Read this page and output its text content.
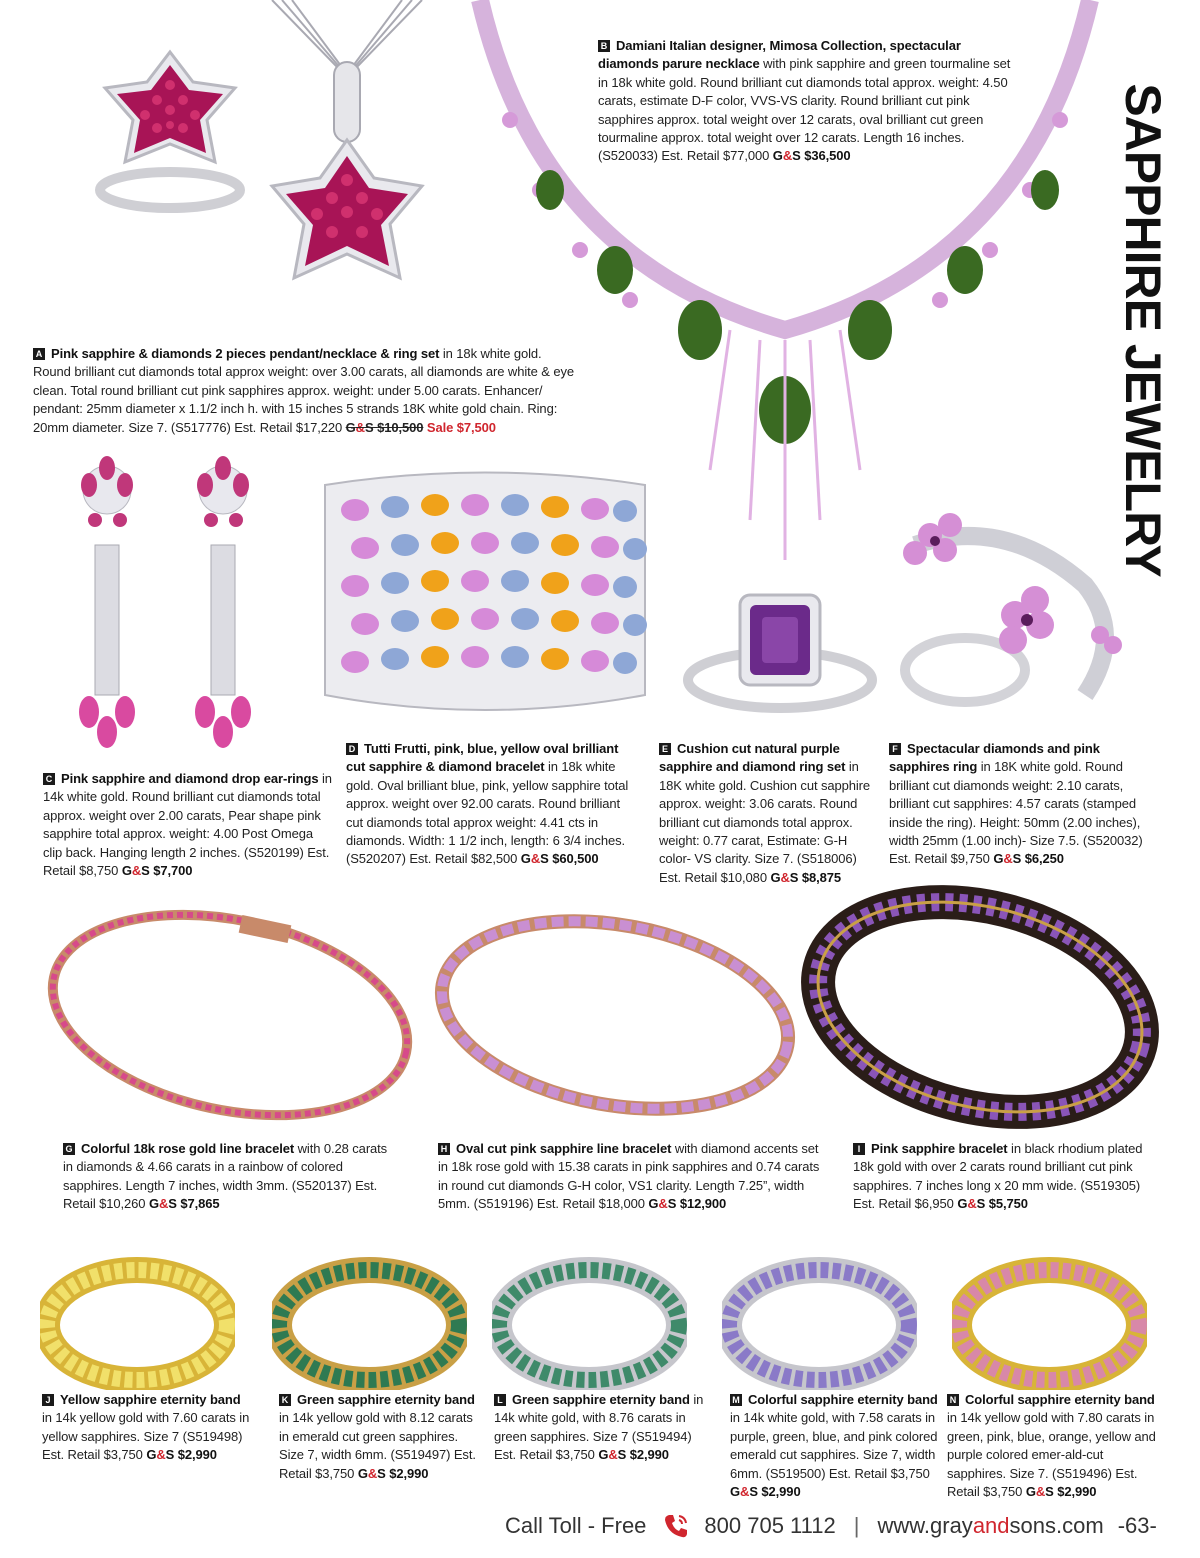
SAPPHIRE JEWELRY
B Damiani Italian designer, Mimosa Collection, spectacular diamonds parure necklace with pink sapphire and green tourmaline set in 18k white gold. Round brilliant cut diamonds total approx. weight: 4.50 carats, estimate D-F color, VVS-VS clarity. Round brilliant cut pink sapphires approx. total weight over 12 carats, oval brilliant cut green tourmaline approx. total weight over 12 carats. Length 16 inches. (S520033) Est. Retail $77,000 G&S $36,500
A Pink sapphire & diamonds 2 pieces pendant/necklace & ring set in 18k white gold. Round brilliant cut diamonds total approx weight: over 3.00 carats, all diamonds are white & eye clean. Total round brilliant cut pink sapphires approx. weight: under 5.00 carats. Enhancer/ pendant: 25mm diameter x 1.1/2 inch h. with 15 inches 5 strands 18K white gold chain. Ring: 20mm diameter. Size 7. (S517776) Est. Retail $17,220 G&S $10,500 Sale $7,500
C Pink sapphire and diamond drop ear-rings in 14k white gold. Round brilliant cut diamonds total approx. weight over 2.00 carats, Pear shape pink sapphire total approx. weight: 4.00 Post Omega clip back. Hanging length 2 inches. (S520199) Est. Retail $8,750 G&S $7,700
D Tutti Frutti, pink, blue, yellow oval brilliant cut sapphire & diamond bracelet in 18k white gold. Oval brilliant blue, pink, yellow sapphire total approx. weight over 92.00 carats. Round brilliant cut diamonds total approx weight: 4.41 cts in diamonds. Width: 1 1/2 inch, length: 6 3/4 inches. (S520207) Est. Retail $82,500 G&S $60,500
E Cushion cut natural purple sapphire and diamond ring set in 18K white gold. Cushion cut sapphire approx. weight: 3.06 carats. Round brilliant cut diamonds total approx. weight: 0.77 carat, Estimate: G-H color- VS clarity. Size 7. (S518006) Est. Retail $10,080 G&S $8,875
F Spectacular diamonds and pink sapphires ring in 18K white gold. Round brilliant cut diamonds weight: 2.10 carats, brilliant cut sapphires: 4.57 carats (stamped inside the ring). Height: 50mm (2.00 inches), width 25mm (1.00 inch)- Size 7.5. (S520032) Est. Retail $9,750 G&S $6,250
G Colorful 18k rose gold line bracelet with 0.28 carats in diamonds & 4.66 carats in a rainbow of colored sapphires. Length 7 inches, width 3mm. (S520137) Est. Retail $10,260 G&S $7,865
H Oval cut pink sapphire line bracelet with diamond accents set in 18k rose gold with 15.38 carats in pink sapphires and 0.74 carats in round cut diamonds G-H color, VS1 clarity. Length 7.25”, width 5mm. (S519196) Est. Retail $18,000 G&S $12,900
I Pink sapphire bracelet in black rhodium plated 18k gold with over 2 carats round brilliant cut pink sapphires. 7 inches long x 20 mm wide. (S519305) Est. Retail $6,950 G&S $5,750
J Yellow sapphire eternity band in 14k yellow gold with 7.60 carats in yellow sapphires. Size 7 (S519498) Est. Retail $3,750 G&S $2,990
K Green sapphire eternity band in 14k yellow gold with 8.12 carats in emerald cut green sapphires. Size 7, width 6mm. (S519497) Est. Retail $3,750 G&S $2,990
L Green sapphire eternity band in 14k white gold, with 8.76 carats in green sapphires. Size 7 (S519494) Est. Retail $3,750 G&S $2,990
M Colorful sapphire eternity band in 14k white gold, with 7.58 carats in purple, green, blue, and pink colored emerald cut sapphires. Size 7, width 6mm. (S519500) Est. Retail $3,750 G&S $2,990
N Colorful sapphire eternity band in 14k yellow gold with 7.80 carats in green, pink, blue, orange, yellow and purple colored emer-ald-cut sapphires. Size 7. (S519496) Est. Retail $3,750 G&S $2,990
Call Toll - Free	800 705 1112 | www.grayandsons.com -63-
